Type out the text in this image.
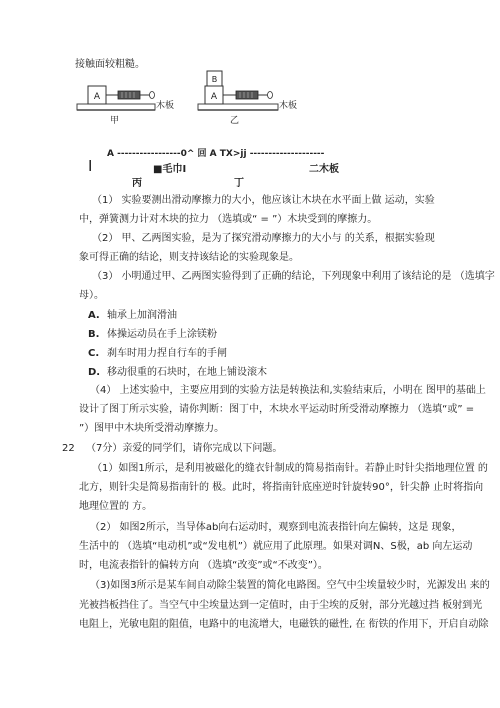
接触面较粗糙。
A
木板
甲
B
A
木板
乙
A -----------------0^ 回 A TX>jj --------------------
I	■毛巾I	二木板
丙	丁
（1） 实验要测出滑动摩擦力的大小，他应该让木块在水平面上做 运动，实验
中，弹簧测力计对木块的拉力 （选填或“ = ”）木块受到的摩擦力。
（2） 甲、乙两图实验，是为了探究滑动摩擦力的大小与 的关系，根据实验现
象可得正确的结论，则支持该结论的实验现象是。
（3） 小明通过甲、乙两图实验得到了正确的结论，下列现象中利用了该结论的是 （选填字
母）。
A. 轴承上加润滑油
B. 体操运动员在手上涂镁粉
C. 刹车时用力捏自行车的手闸
D. 移动很重的石块时，在地上铺设滚木
（4） 上述实验中，主要应用到的实验方法是转换法和,实验结束后，小明在 图甲的基础上
设计了图丁所示实验，请你判断：图丁中，木块水平运动时所受滑动摩擦力 （选填“或” =
”）图甲中木块所受滑动摩擦力。
22 （7分）亲爱的同学们，请你完成以下问题。
（1）如图1所示，是利用被磁化的缝衣针制成的简易指南针。若静止时针尖指地理位置 的
北方，则针尖是简易指南针的 极。此时，将指南针底座逆时针旋转90°，针尖静 止时将指向
地理位置的 方。
（2） 如图2所示，当导体ab向右运动时，观察到电流表指针向左偏转，这是 现象，
生活中的 （选填“电动机”或“发电机”）就应用了此原理。如果对调N、S极，ab 向左运动
时，电流表指针的偏转方向 （选填“改变”或“不改变”）。
（3)如图3所示是某车间自动除尘装置的简化电路图。空气中尘埃量较少时，光源发出 来的
光被挡板挡住了。当空气中尘埃量达到一定值时，由于尘埃的反射，部分光越过挡 板射到光
电阻上，光敏电阻的阻值，电路中的电流增大，电磁铁的磁性, 在 衔铁的作用下，开启自动除
